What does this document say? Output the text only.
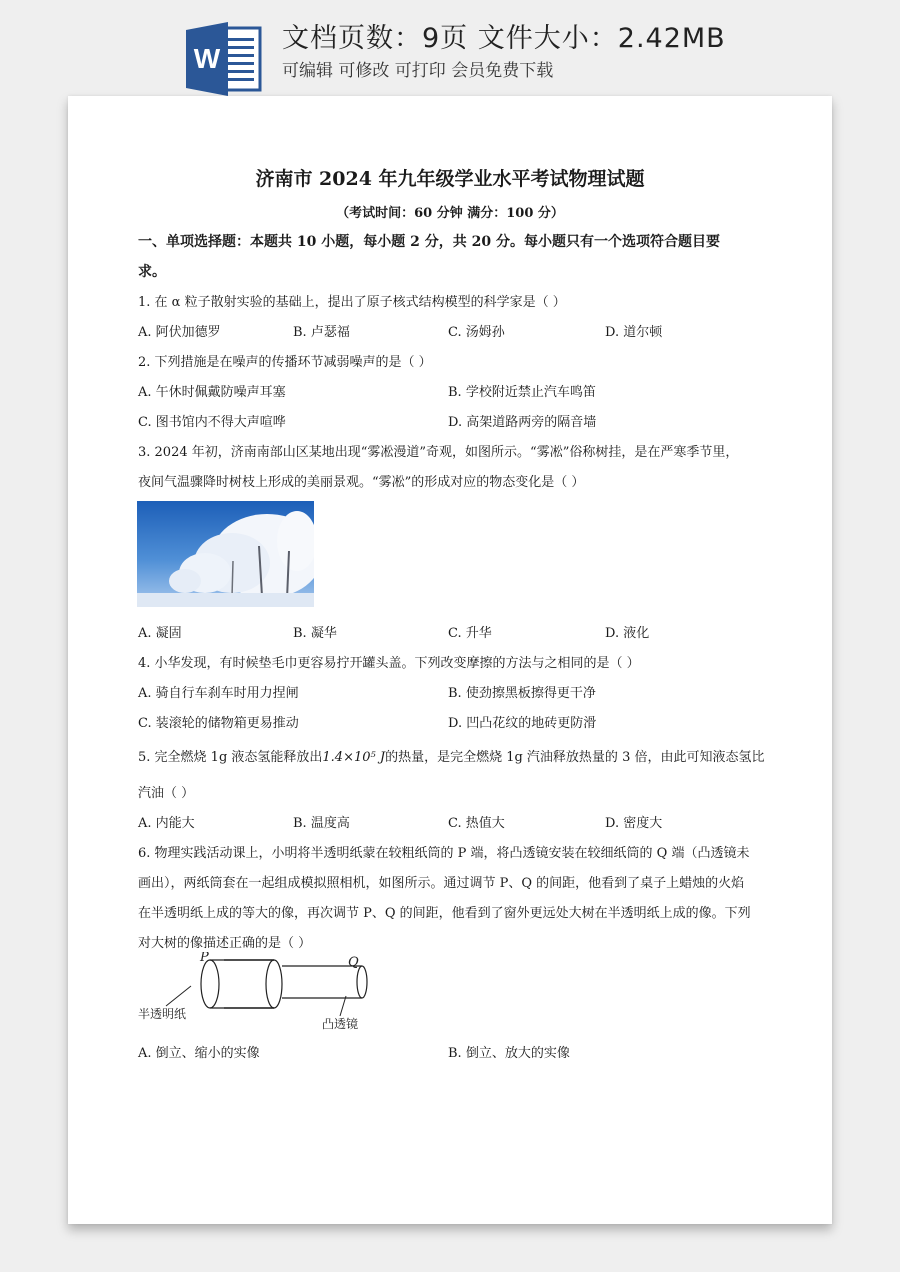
W
文档页数：9页 文件大小：2.42MB
可编辑 可修改 可打印 会员免费下载
济南市 2024 年九年级学业水平考试物理试题
（考试时间：60 分钟 满分：100 分）
一、单项选择题：本题共 10 小题，每小题 2 分，共 20 分。每小题只有一个选项符合题目要
求。
1. 在 α 粒子散射实验的基础上，提出了原子核式结构模型的科学家是（ ）
A. 阿伏加德罗	B. 卢瑟福	C. 汤姆孙	D. 道尔顿
2. 下列措施是在噪声的传播环节减弱噪声的是（ ）
A. 午休时佩戴防噪声耳塞	B. 学校附近禁止汽车鸣笛
C. 图书馆内不得大声喧哗	D. 高架道路两旁的隔音墙
3. 2024 年初，济南南部山区某地出现“雾凇漫道”奇观，如图所示。“雾凇”俗称树挂，是在严寒季节里，
夜间气温骤降时树枝上形成的美丽景观。“雾凇”的形成对应的物态变化是（ ）
A. 凝固	B. 凝华	C. 升华	D. 液化
4. 小华发现，有时候垫毛巾更容易拧开罐头盖。下列改变摩擦的方法与之相同的是（ ）
A. 骑自行车刹车时用力捏闸	B. 使劲擦黑板擦得更干净
C. 装滚轮的储物箱更易推动	D. 凹凸花纹的地砖更防滑
5. 完全燃烧 1g 液态氢能释放出1.4×10⁵ J的热量，是完全燃烧 1g 汽油释放热量的 3 倍，由此可知液态氢比
汽油（ ）
A. 内能大	B. 温度高	C. 热值大	D. 密度大
6. 物理实践活动课上，小明将半透明纸蒙在较粗纸筒的 P 端，将凸透镜安装在较细纸筒的 Q 端（凸透镜未
画出），两纸筒套在一起组成模拟照相机，如图所示。通过调节 P、Q 的间距，他看到了桌子上蜡烛的火焰
在半透明纸上成的等大的像，再次调节 P、Q 的间距，他看到了窗外更远处大树在半透明纸上成的像。下列
对大树的像描述正确的是（ ）
P	Q
半透明纸
凸透镜
A. 倒立、缩小的实像	B. 倒立、放大的实像
